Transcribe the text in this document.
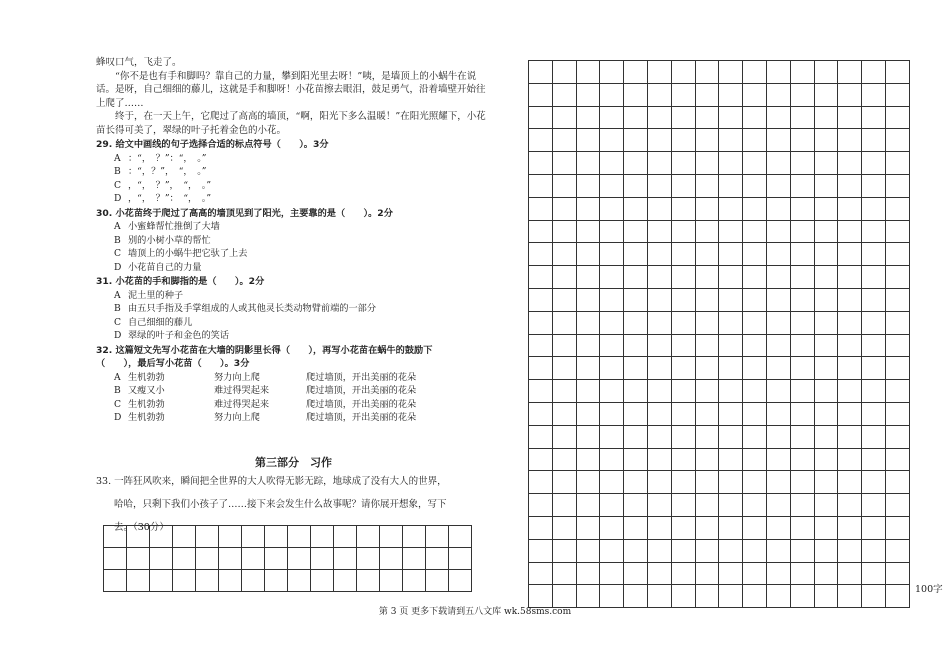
蜂叹口气，飞走了。

“你不是也有手和脚吗？靠自己的力量，攀到阳光里去呀！”咦，是墙顶上的小蜗牛在说话。是呀，自己细细的藤儿，这就是手和脚呀！小花苗擦去眼泪，鼓足勇气，沿着墙壁开始往上爬了……

终于，在一天上午，它爬过了高高的墙顶，“啊，阳光下多么温暖！”在阳光照耀下，小花苗长得可美了，翠绿的叶子托着金色的小花。

29. 给文中画线的句子选择合适的标点符号（　　）。3分
A ：“，　？”：“，　。”
B ：“，？”，　“，　。”
C ，“，　？”，　“，　。”
D ，“，　？”：　“，　。”
30. 小花苗终于爬过了高高的墙顶见到了阳光，主要靠的是（　　）。2分
A 小蜜蜂帮忙推倒了大墙
B 别的小树小草的帮忙
C 墙顶上的小蜗牛把它驮了上去
D 小花苗自己的力量
31. 小花苗的手和脚指的是（　　）。2分
A 泥土里的种子
B 由五只手指及手掌组成的人或其他灵长类动物臂前端的一部分
C 自己细细的藤儿
D 翠绿的叶子和金色的笑话
32. 这篇短文先写小花苗在大墙的阴影里长得（　　），再写小花苗在蜗牛的鼓励下
（　　），最后写小花苗（　　）。3分
A 生机勃勃	努力向上爬	爬过墙顶，开出美丽的花朵
B 又瘦又小	难过得哭起来	爬过墙顶，开出美丽的花朵
C 生机勃勃	难过得哭起来	爬过墙顶，开出美丽的花朵
D 生机勃勃	努力向上爬	爬过墙顶，开出美丽的花朵
第三部分　习作
33. 一阵狂风吹来，瞬间把全世界的大人吹得无影无踪，地球成了没有大人的世界，
哈哈，只剩下我们小孩子了……接下来会发生什么故事呢？请你展开想象，写下
去。（30分）

100字
第 3 页 更多下载请到五八文库 wk.58sms.com
